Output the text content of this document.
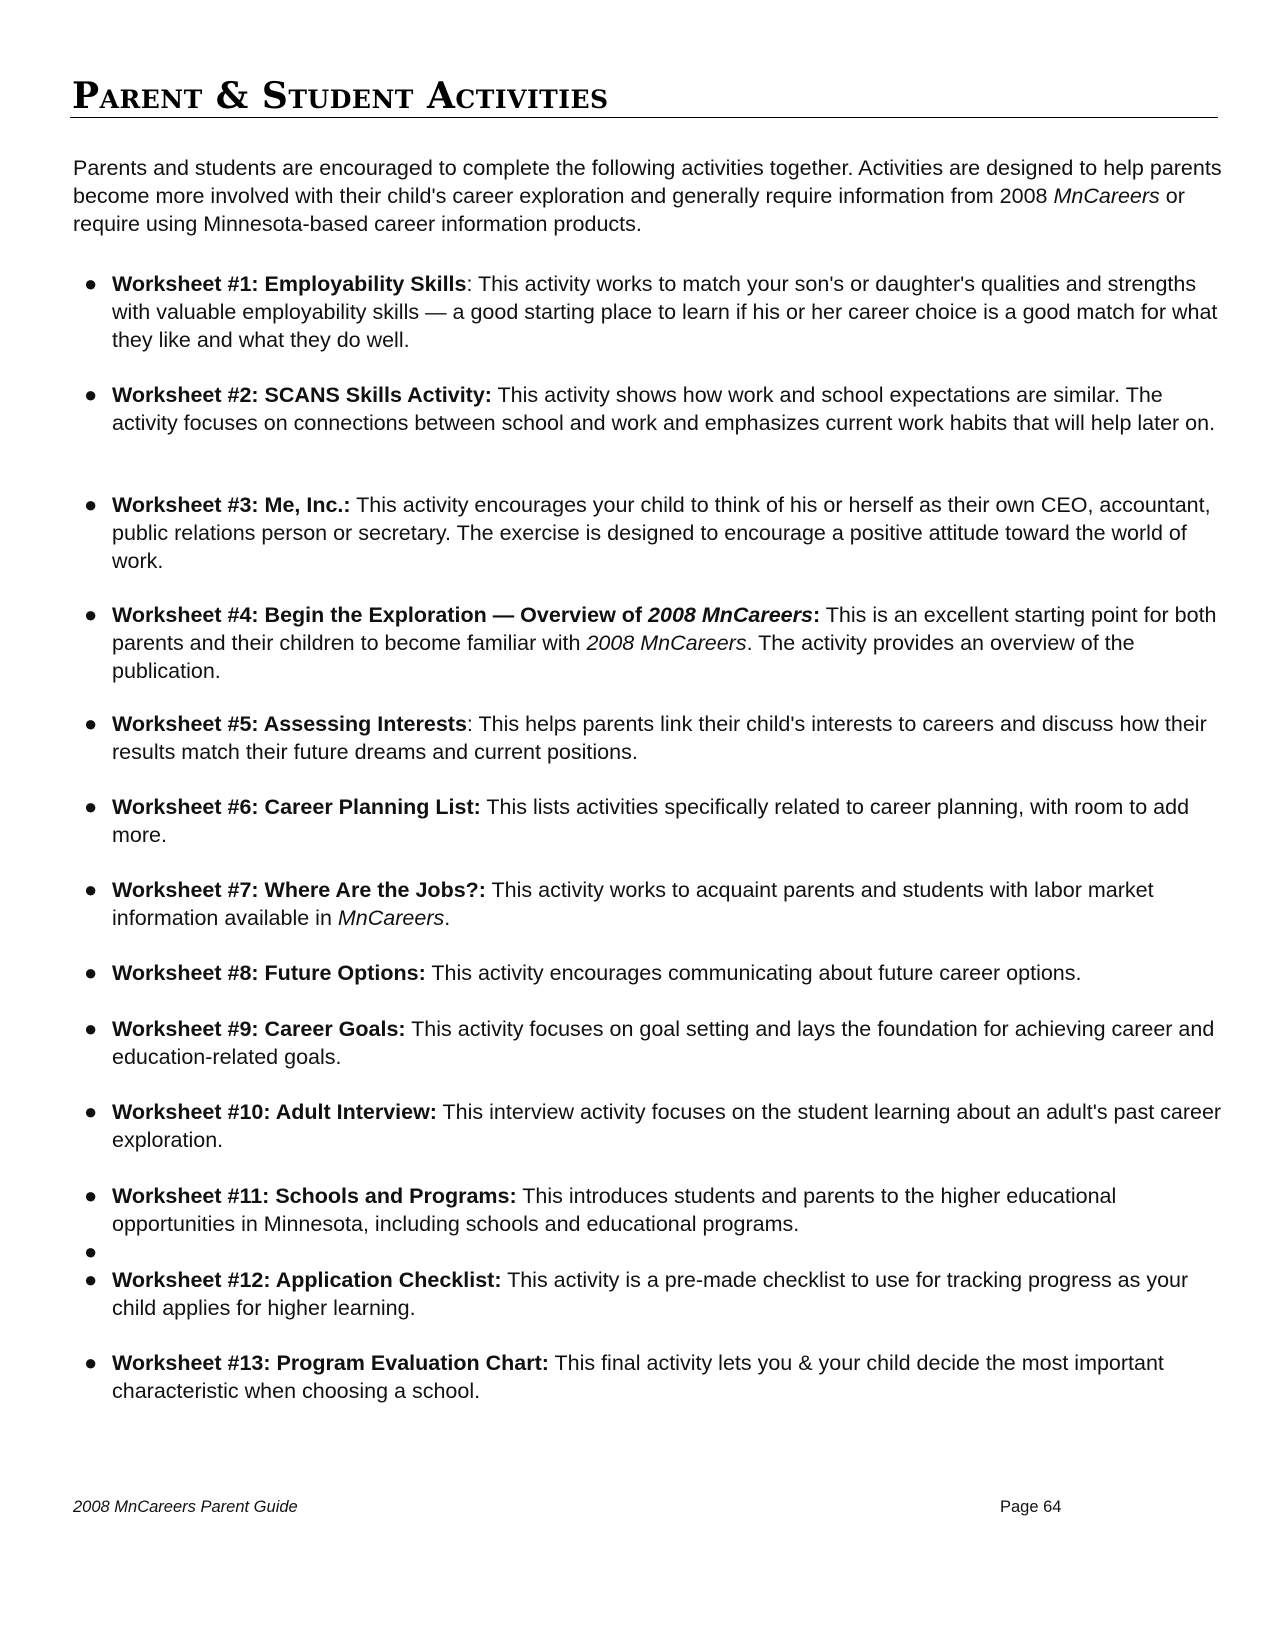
Parent & Student Activities

Parents and students are encouraged to complete the following activities together. Activities are designed to help parents become more involved with their child's career exploration and generally require information from 2008 MnCareers or require using Minnesota-based career information products.

● Worksheet #1: Employability Skills: This activity works to match your son's or daughter's qualities and strengths with valuable employability skills — a good starting place to learn if his or her career choice is a good match for what they like and what they do well.
● Worksheet #2: SCANS Skills Activity: This activity shows how work and school expectations are similar. The activity focuses on connections between school and work and emphasizes current work habits that will help later on.
● Worksheet #3: Me, Inc.: This activity encourages your child to think of his or herself as their own CEO, accountant, public relations person or secretary. The exercise is designed to encourage a positive attitude toward the world of work.
● Worksheet #4: Begin the Exploration — Overview of 2008 MnCareers: This is an excellent starting point for both parents and their children to become familiar with 2008 MnCareers. The activity provides an overview of the publication.
● Worksheet #5: Assessing Interests: This helps parents link their child's interests to careers and discuss how their results match their future dreams and current positions.
● Worksheet #6: Career Planning List: This lists activities specifically related to career planning, with room to add more.
● Worksheet #7: Where Are the Jobs?: This activity works to acquaint parents and students with labor market information available in MnCareers.
● Worksheet #8: Future Options: This activity encourages communicating about future career options.
● Worksheet #9: Career Goals: This activity focuses on goal setting and lays the foundation for achieving career and education-related goals.
● Worksheet #10: Adult Interview: This interview activity focuses on the student learning about an adult's past career exploration.
● Worksheet #11: Schools and Programs: This introduces students and parents to the higher educational opportunities in Minnesota, including schools and educational programs.
●
● Worksheet #12: Application Checklist: This activity is a pre-made checklist to use for tracking progress as your child applies for higher learning.
● Worksheet #13: Program Evaluation Chart: This final activity lets you & your child decide the most important characteristic when choosing a school.
2008 MnCareers Parent Guide	Page 64
